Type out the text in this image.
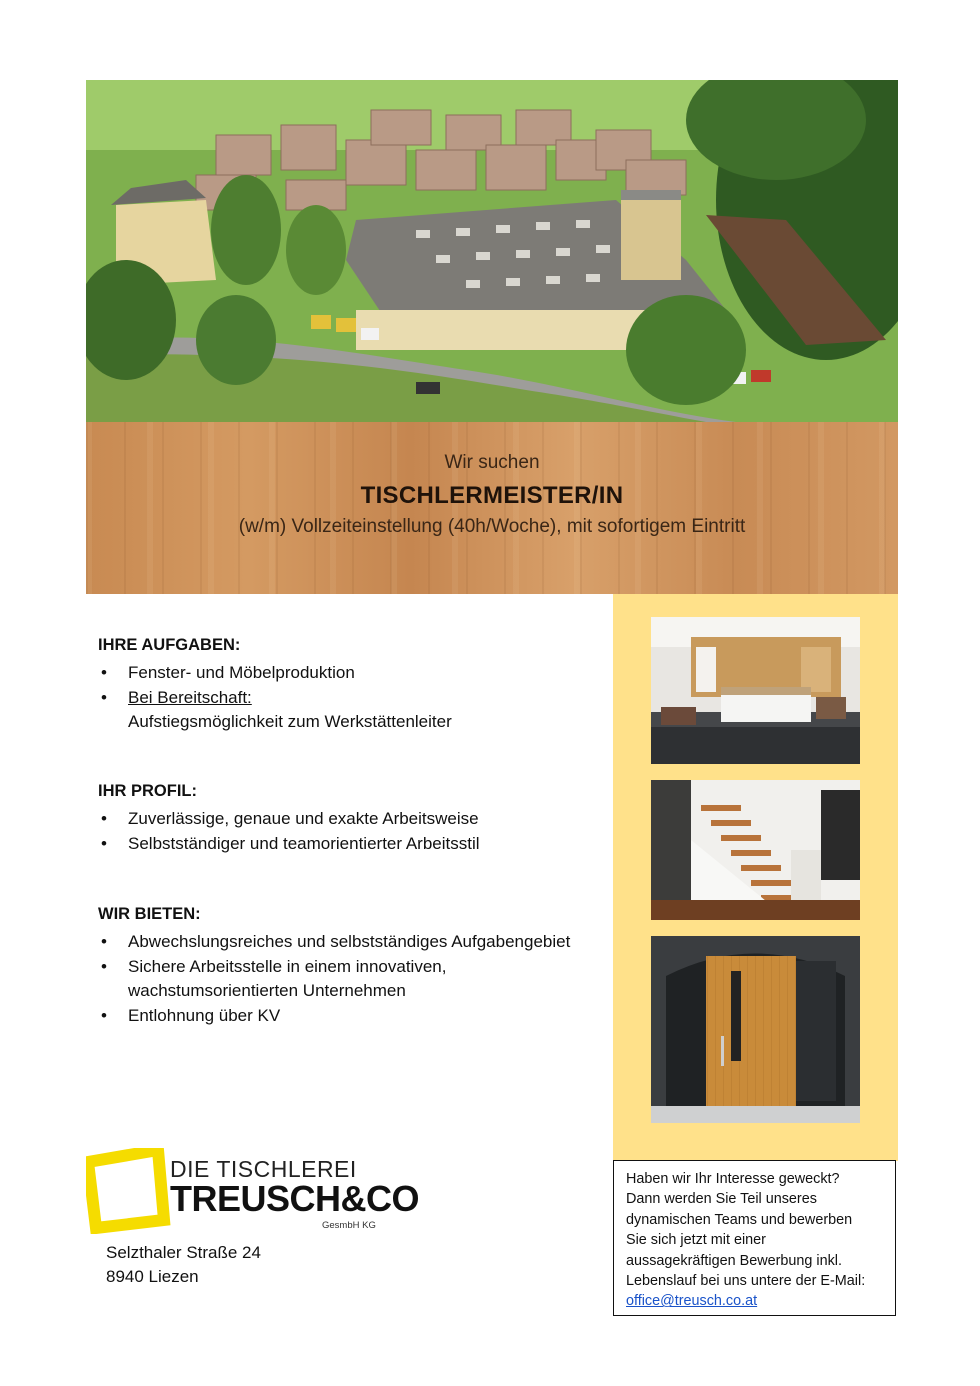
Wir suchen
TISCHLERMEISTER/IN
(w/m) Vollzeiteinstellung (40h/Woche), mit sofortigem Eintritt
IHRE AUFGABEN:
• Fenster- und Möbelproduktion
• Bei Bereitschaft:
Aufstiegsmöglichkeit zum Werkstättenleiter
IHR PROFIL:
• Zuverlässige, genaue und exakte Arbeitsweise
• Selbstständiger und teamorientierter Arbeitsstil
WIR BIETEN:
• Abwechslungsreiches und selbstständiges Aufgabengebiet
• Sichere Arbeitsstelle in einem innovativen,
wachstumsorientierten Unternehmen
• Entlohnung über KV
DIE TISCHLEREI
TREUSCH&CO
GesmbH KG
Selzthaler Straße 24
8940 Liezen
Haben wir Ihr Interesse geweckt?
Dann werden Sie Teil unseres
dynamischen Teams und bewerben
Sie sich jetzt mit einer
aussagekräftigen Bewerbung inkl.
Lebenslauf bei uns untere der E-Mail:
office@treusch.co.at
